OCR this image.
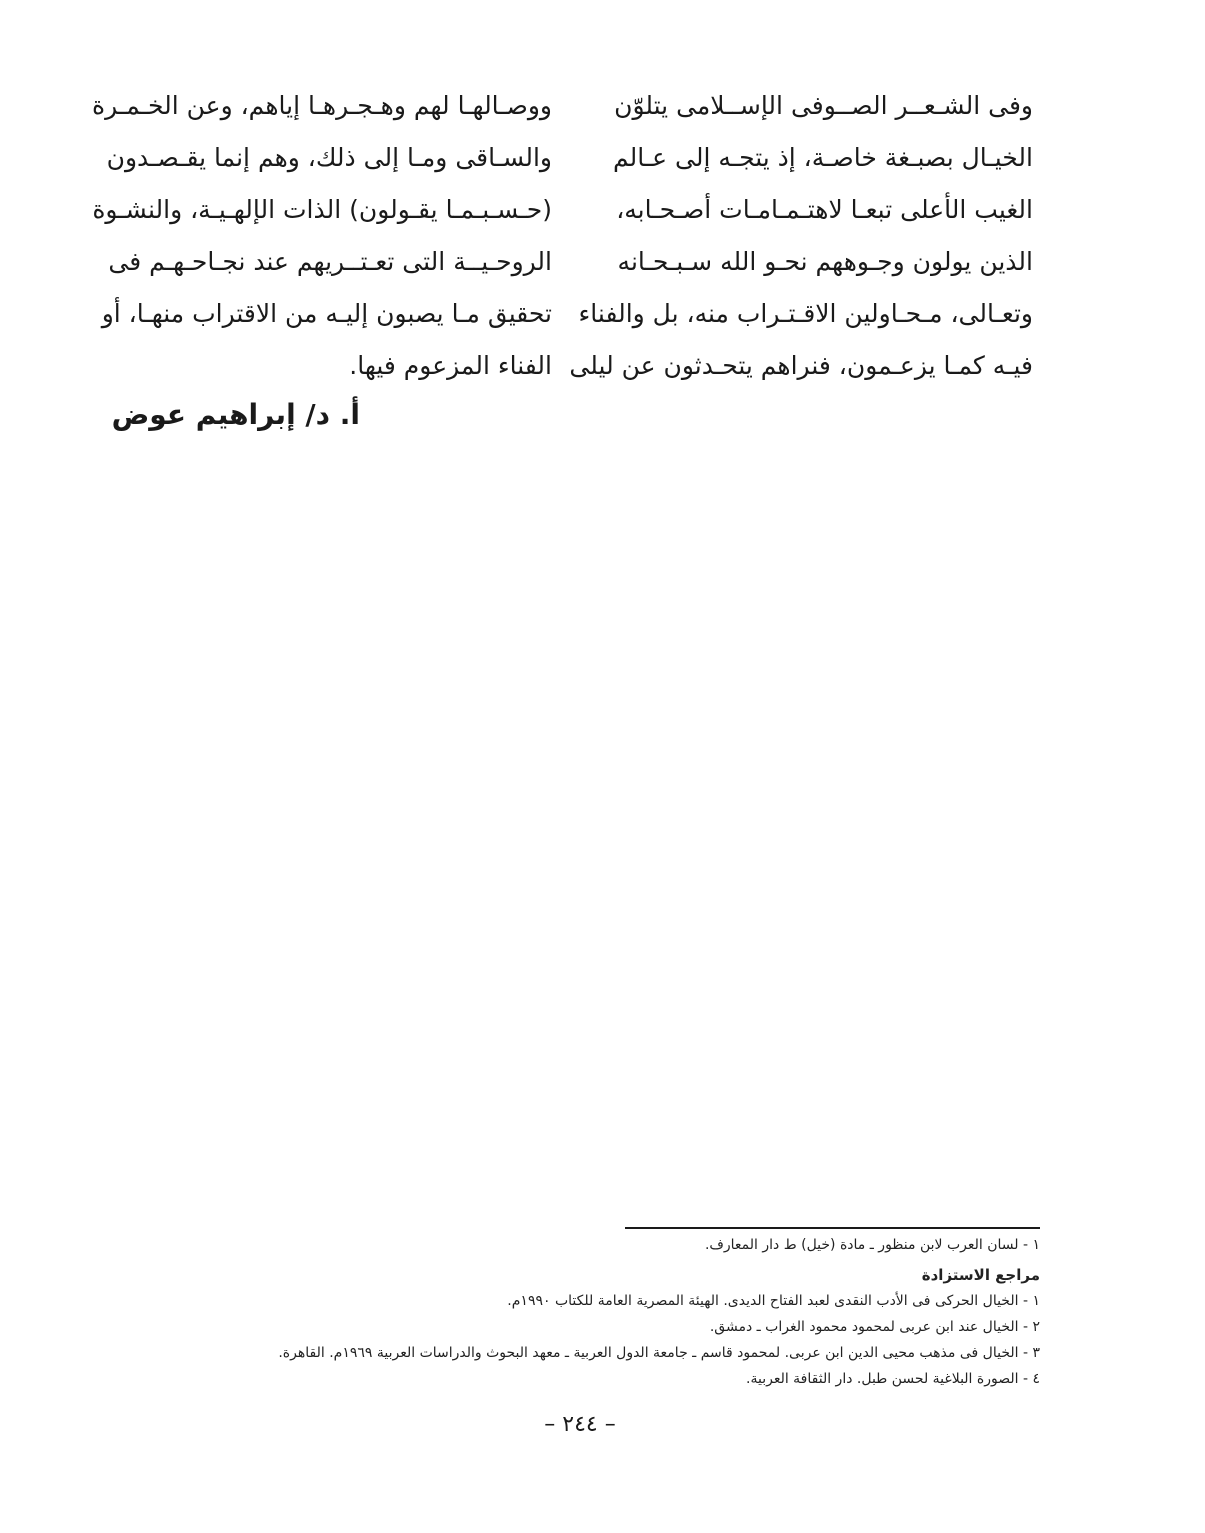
وفى الشـعــر الصــوفى الإســلامى يتلوّن
الخيـال بصبـغة خاصـة، إذ يتجـه إلى عـالم
الغيب الأعلى تبعـا لاهتـمـامـات أصـحـابه،
الذين يولون وجـوههم نحـو الله سـبـحـانه
وتعـالى، مـحـاولين الاقـتـراب منه، بل والفناء
فيـه كمـا يزعـمون، فنراهم يتحـدثون عن ليلى
ووصـالهـا لهم وهـجـرهـا إياهم، وعن الخـمـرة
والسـاقى ومـا إلى ذلك، وهم إنما يقـصـدون
(حـسـبـمـا يقـولون) الذات الإلهـيـة، والنشـوة
الروحـيــة التى تعـتــريهم عند نجـاحـهـم فى
تحقيق مـا يصبون إليـه من الاقتراب منهـا، أو
الفناء المزعوم فيها.
أ. د/ إبراهيم عوض
١ - لسان العرب لابن منظور ـ مادة (خيل) ط دار المعارف.
مراجع الاستزادة
١ - الخيال الحركى فى الأدب النقدى لعبد الفتاح الديدى. الهيئة المصرية العامة للكتاب ١٩٩٠م.
٢ - الخيال عند ابن عربى لمحمود محمود الغراب ـ دمشق.
٣ - الخيال فى مذهب محيى الدين ابن عربى. لمحمود قاسم ـ جامعة الدول العربية ـ معهد البحوث والدراسات العربية ١٩٦٩م. القاهرة.
٤ - الصورة البلاغية لحسن طبل. دار الثقافة العربية.
– ٢٤٤ –
